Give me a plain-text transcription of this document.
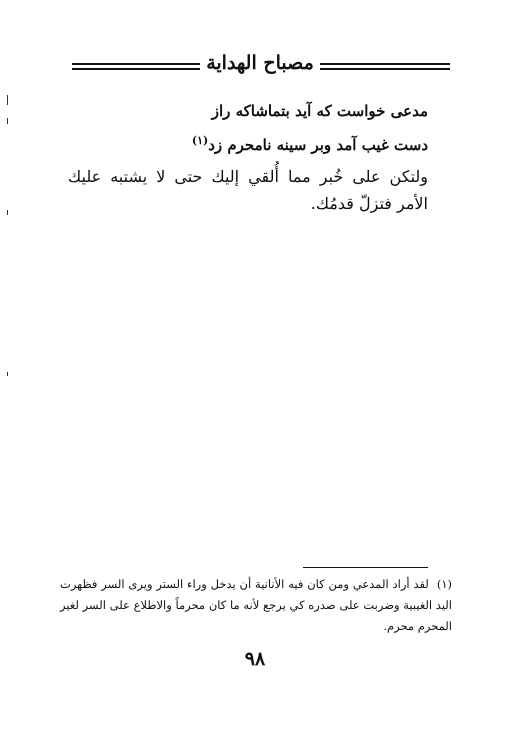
مصباح الهداية
مدعی خواست که آید بتماشاکه راز
دست غیب آمد وبر سینه نامحرم زد$^{(١)}$
ولتكن على خُبر مما أُلقي إليك حتى لا يشتبه عليك الأمر فتزلّ قدمُك.
(١)لقد أراد المدعي ومن كان فيه الأنانية أن يدخل وراء الستر ويرى السر فظهرت اليد الغيبية وضربت على صدره كي يرجع لأنه ما كان محرماً والاطلاع على السر لغير المحرم محرم.
٩٨
